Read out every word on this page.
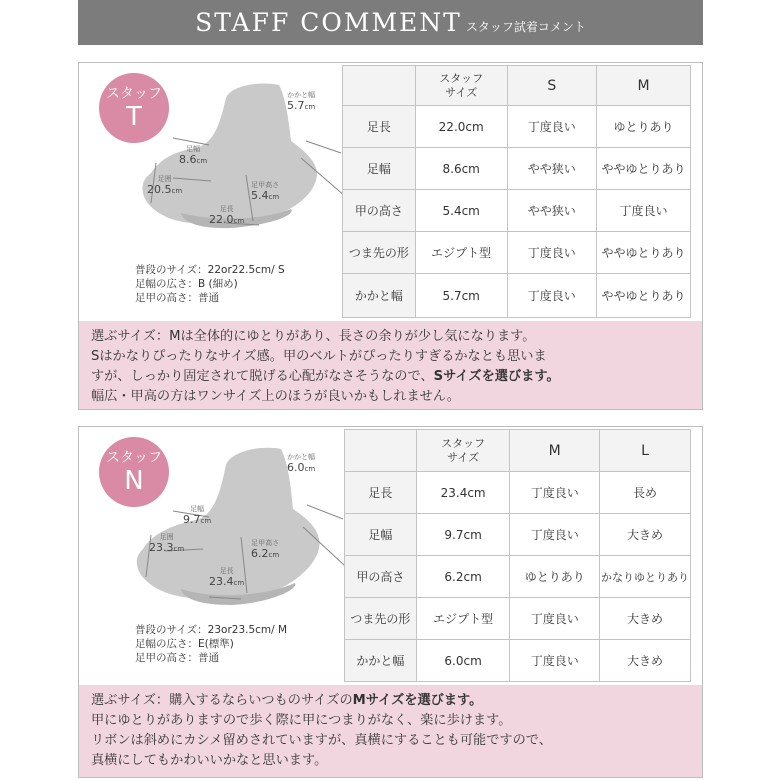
STAFF COMMENT スタッフ試着コメント
スタッフ
T
かかと幅
5.7cm
足幅
8.6cm
足囲
20.5cm
足甲高さ
5.4cm
足長
22.0cm
普段のサイズ：22or22.5cm/ S
足幅の広さ：B (細め)
足甲の高さ：普通
	スタッフ
サイズ	S	M
足長	22.0cm	丁度良い	ゆとりあり
足幅	8.6cm	やや狭い	ややゆとりあり
甲の高さ	5.4cm	やや狭い	丁度良い
つま先の形	エジプト型	丁度良い	ややゆとりあり
かかと幅	5.7cm	丁度良い	ややゆとりあり
選ぶサイズ：Mは全体的にゆとりがあり、長さの余りが少し気になります。
Sはかなりぴったりなサイズ感。甲のベルトがぴったりすぎるかなとも思いま
すが、しっかり固定されて脱げる心配がなさそうなので、Sサイズを選びます。
幅広・甲高の方はワンサイズ上のほうが良いかもしれません。
スタッフ
N
かかと幅
6.0cm
足幅
9.7cm
足囲
23.3cm
足甲高さ
6.2cm
足長
23.4cm
普段のサイズ：23or23.5cm/ M
足幅の広さ：E(標準)
足甲の高さ：普通
	スタッフ
サイズ	M	L
足長	23.4cm	丁度良い	長め
足幅	9.7cm	丁度良い	大きめ
甲の高さ	6.2cm	ゆとりあり	かなりゆとりあり
つま先の形	エジプト型	丁度良い	大きめ
かかと幅	6.0cm	丁度良い	大きめ
選ぶサイズ：購入するならいつものサイズのMサイズを選びます。
甲にゆとりがありますので歩く際に甲につまりがなく、楽に歩けます。
リボンは斜めにカシメ留めされていますが、真横にすることも可能ですので、
真横にしてもかわいいかなと思います。
